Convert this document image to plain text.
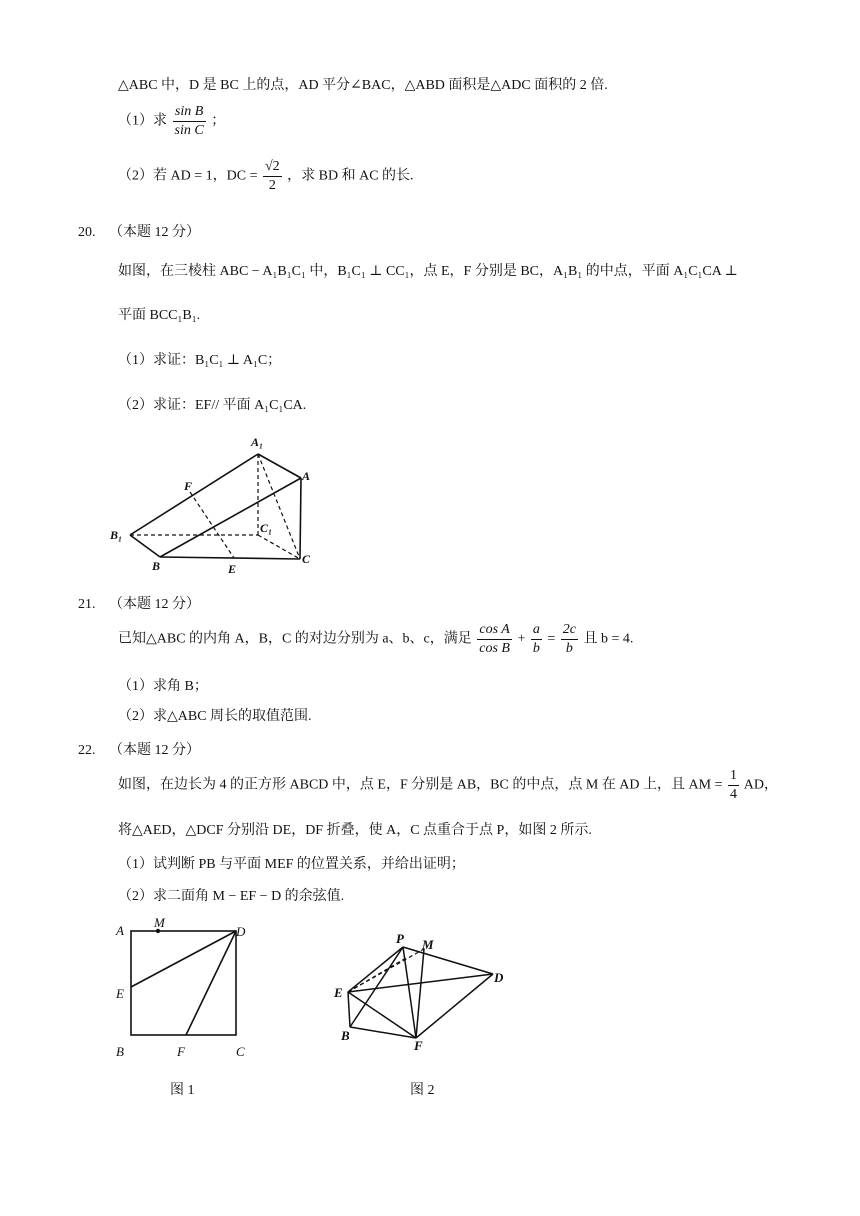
△ABC 中，D 是 BC 上的点，AD 平分∠BAC，△ABD 面积是△ADC 面积的 2 倍.
（1）求 $\frac{\text{sin B}}{\text{sin C}}$ ；
（2）若 AD = 1，DC = $\frac{√2}{2}$ ，求 BD 和 AC 的长.
20. （本题 12 分）
如图，在三棱柱 ABC − A₁B₁C₁ 中，B₁C₁ ⊥ CC₁，点 E，F 分别是 BC，A₁B₁ 的中点，平面 A₁C₁CA ⊥
平面 BCC₁B₁.
（1）求证：B₁C₁ ⊥ A₁C；
（2）求证：EF// 平面 A₁C₁CA.
A₁
A
F
B₁	C₁
B	E
C
21. （本题 12 分）
已知△ABC 的内角 A，B，C 的对边分别为 a、b、c，满足 $\frac{\text{cos A}}{\text{cos B}} + \frac{a}{b} = \frac{2c}{b}$ 且 b = 4.
（1）求角 B；
（2）求△ABC 周长的取值范围.
22. （本题 12 分）
如图，在边长为 4 的正方形 ABCD 中，点 E，F 分别是 AB，BC 的中点，点 M 在 AD 上，且 AM = $\frac{1}{4}$ AD，
将△AED，△DCF 分别沿 DE，DF 折叠，使 A，C 点重合于点 P，如图 2 所示.
（1）试判断 PB 与平面 MEF 的位置关系，并给出证明；
（2）求二面角 M − EF − D 的余弦值.
A
M
D
E
B	F	C
图 1
P M
D
E
B
F
图 2
